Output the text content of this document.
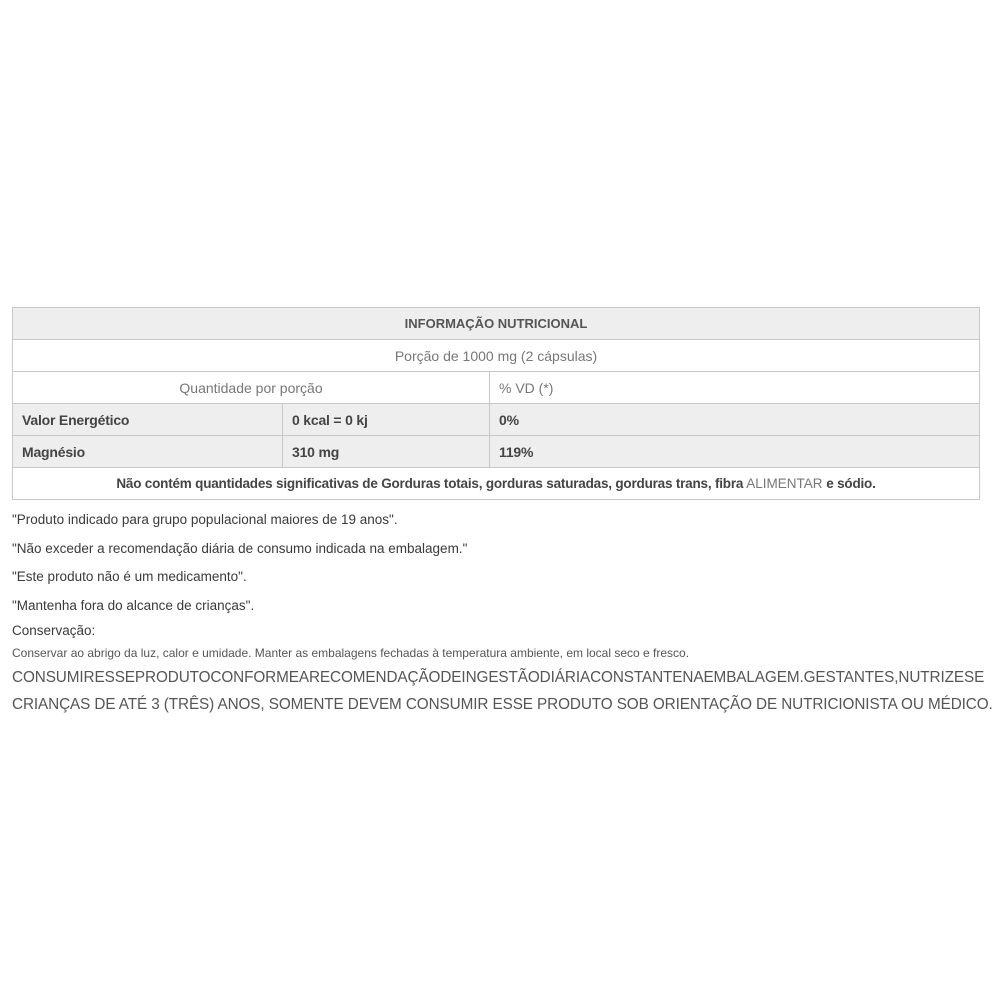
INFORMAÇÃO NUTRICIONAL		
Porção de 1000 mg (2 cápsulas)		
Quantidade por porção		% VD (*)
Valor Energético	0 kcal = 0 kj	0%
Magnésio	310 mg	119%
Não contém quantidades significativas de Gorduras totais, gorduras saturadas, gorduras trans, fibra ALIMENTAR e sódio.		

"Produto indicado para grupo populacional maiores de 19 anos".

"Não exceder a recomendação diária de consumo indicada na embalagem."

"Este produto não é um medicamento".

"Mantenha fora do alcance de crianças".

Conservação:

Conservar ao abrigo da luz, calor e umidade. Manter as embalagens fechadas à temperatura ambiente, em local seco e fresco.

CONSUMIR ESSE PRODUTO CONFORME A RECOMENDAÇÃO DE INGESTÃO DIÁRIA CONSTANTE NA EMBALAGEM. GESTANTES, NUTRIZES E

CRIANÇAS DE ATÉ 3 (TRÊS) ANOS, SOMENTE DEVEM CONSUMIR ESSE PRODUTO SOB ORIENTAÇÃO DE NUTRICIONISTA OU MÉDICO.
